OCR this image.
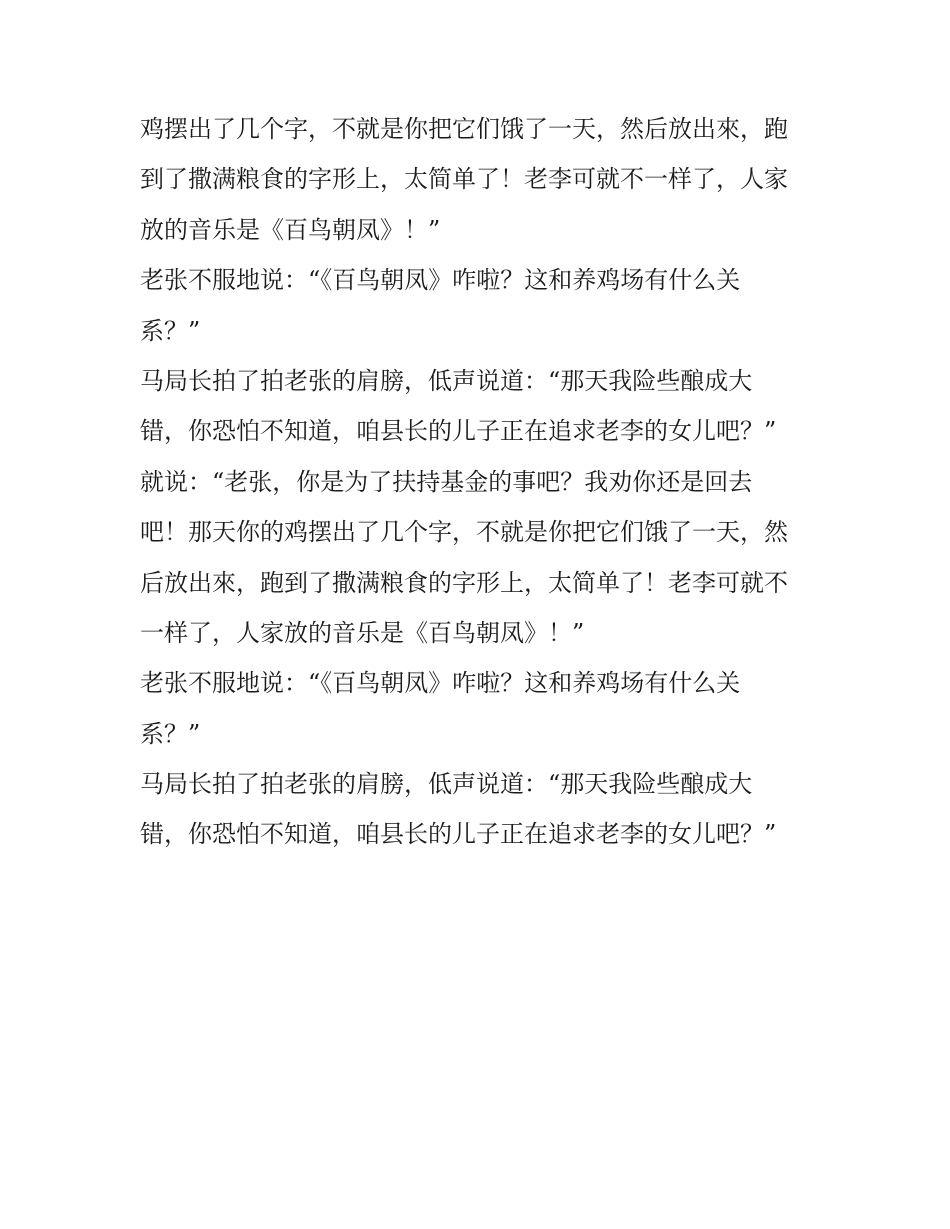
鸡摆出了几个字，不就是你把它们饿了一天，然后放出來，跑
到了撒满粮食的字形上，太简单了！老李可就不一样了，人家
放的音乐是《百鸟朝凤》！”
老张不服地说：“《百鸟朝凤》咋啦？这和养鸡场有什么关
系？”
马局长拍了拍老张的肩膀，低声说道：“那天我险些酿成大
错，你恐怕不知道，咱县长的儿子正在追求老李的女儿吧？”
就说：“老张，你是为了扶持基金的事吧？我劝你还是回去
吧！那天你的鸡摆出了几个字，不就是你把它们饿了一天，然
后放出來，跑到了撒满粮食的字形上，太简单了！老李可就不
一样了，人家放的音乐是《百鸟朝凤》！”
老张不服地说：“《百鸟朝凤》咋啦？这和养鸡场有什么关
系？”
马局长拍了拍老张的肩膀，低声说道：“那天我险些酿成大
错，你恐怕不知道，咱县长的儿子正在追求老李的女儿吧？”
